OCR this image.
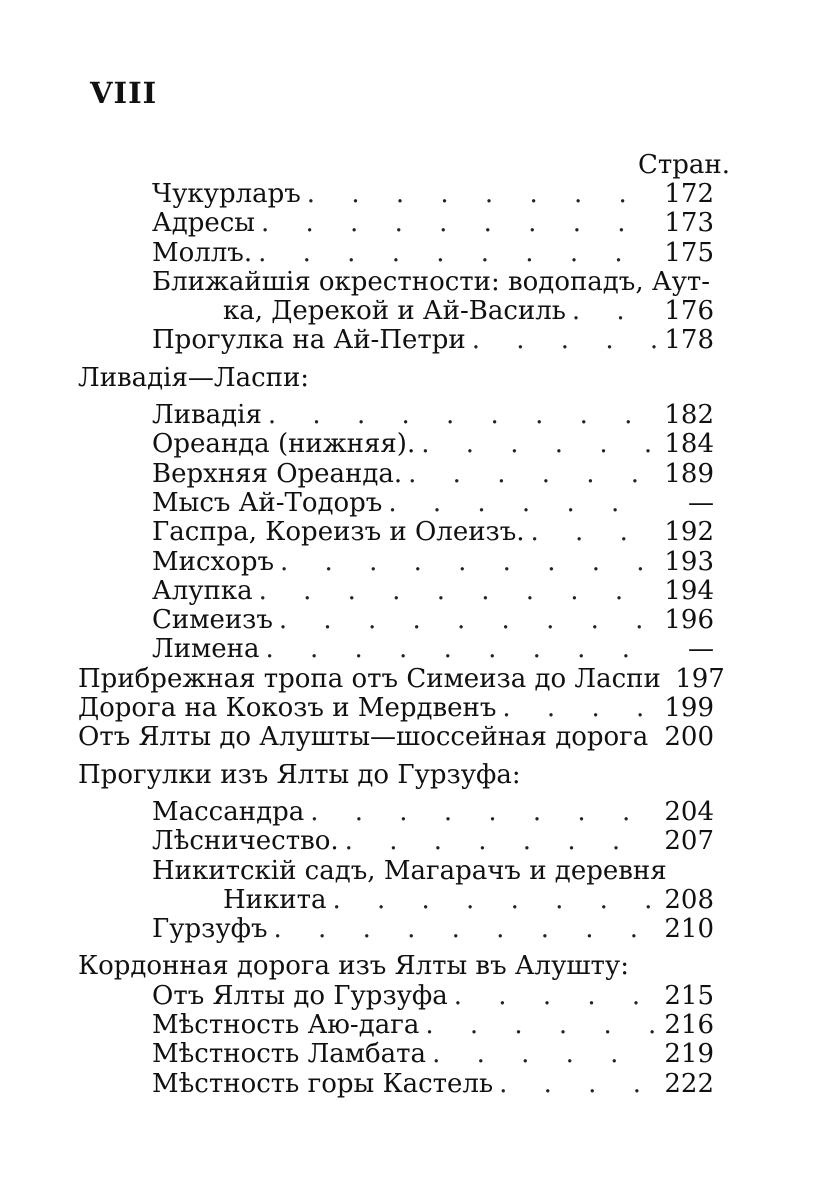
VIII
Стран.
Чукурларъ . . .	172
Адресы . . .	173
Моллъ. . . .	175
Ближайшія окрестности: водопадъ, Аут-
ка, Дерекой и Ай-Василь . . .	176
Прогулка на Ай-Петри . . .	178
Ливадія—Ласпи:
Ливадія . . .	182
Ореанда (нижняя). . . .	184
Верхняя Ореанда. . . .	189
Мысъ Ай-Тодоръ . . .	—
Гаспра, Кореизъ и Олеизъ. . . .	192
Мисхоръ . . .	193
Алупка . . .	194
Симеизъ . . .	196
Лимена . . .	—
Прибрежная тропа отъ Симеиза до Ласпи 197
Дорога на Кокозъ и Мердвенъ . . .	199
Отъ Ялты до Алушты—шоссейная дорога . . . 200
Прогулки изъ Ялты до Гурзуфа:
Массандра . . .	204
Лѣсничество. . . .	207
Никитскій садъ, Магарачъ и деревня
Никита . . .	208
Гурзуфъ . . .	210
Кордонная дорога изъ Ялты въ Алушту:
Отъ Ялты до Гурзуфа . . .	215
Мѣстность Аю-дага . . .	216
Мѣстность Ламбата . . .	219
Мѣстность горы Кастель . . .	222
